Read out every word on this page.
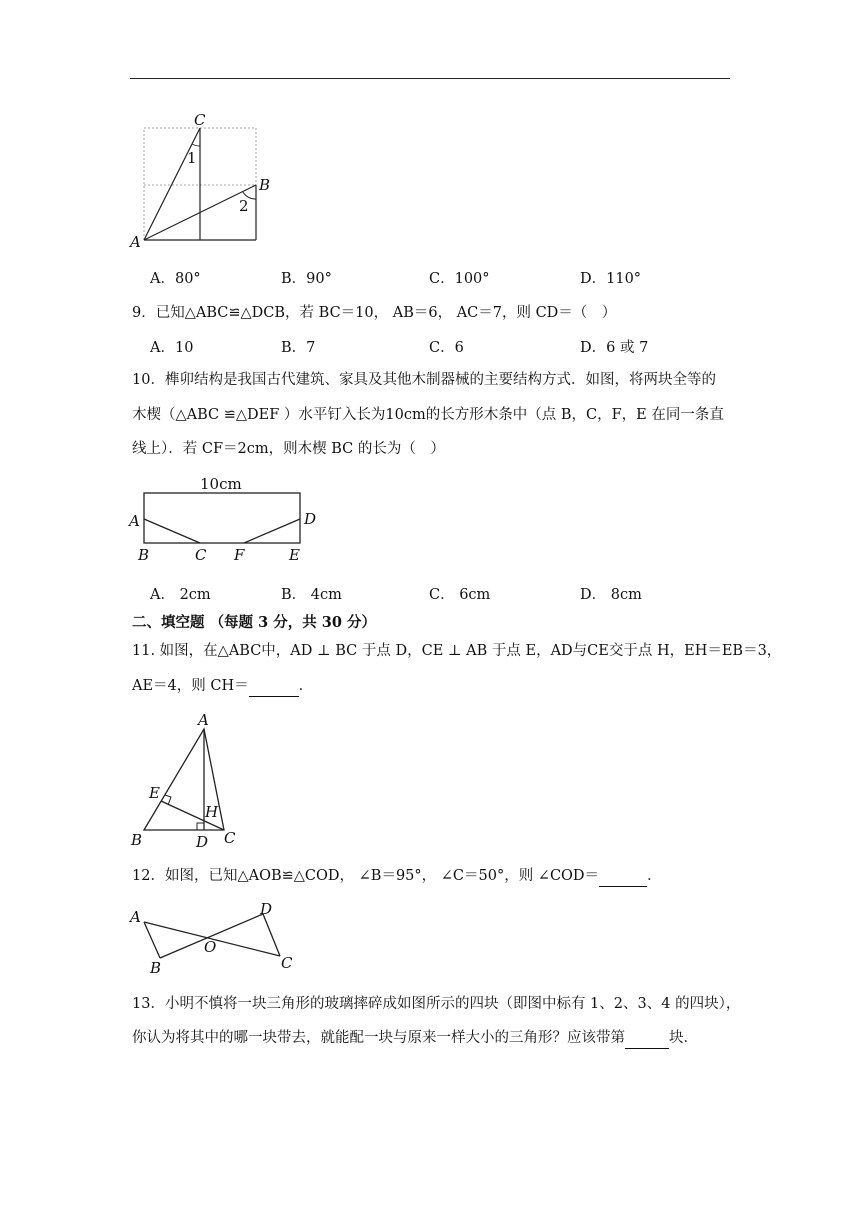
C
B
A
1
2
A．80°	B．90°	C．100°	D．110°
9．已知△ABC≌△DCB，若 BC＝10， AB＝6， AC＝7，则 CD＝（　）
A．10	B．7	C．6	D．6 或 7
10．榫卯结构是我国古代建筑、家具及其他木制器械的主要结构方式．如图，将两块全等的
木楔（△ABC ≌△DEF ）水平钉入长为10cm的长方形木条中（点 B，C，F，E 在同一条直
线上）．若 CF＝2cm，则木楔 BC 的长为（　）
10cm
A
B	C F	E
D
A． 2cm	B． 4cm	C． 6cm	D． 8cm
二、填空题 （每题 3 分，共 30 分）
11. 如图，在△ABC中，AD ⊥ BC 于点 D，CE ⊥ AB 于点 E，AD与CE交于点 H，EH＝EB＝3，
AE＝4，则 CH＝	．
A
E
H
B	D C
12．如图，已知△AOB≌△COD， ∠B＝95°， ∠C＝50°，则 ∠COD＝	．
A
B
O
D
C
13．小明不慎将一块三角形的玻璃摔碎成如图所示的四块（即图中标有 1、2、3、4 的四块），
你认为将其中的哪一块带去，就能配一块与原来一样大小的三角形？应该带第	块．
